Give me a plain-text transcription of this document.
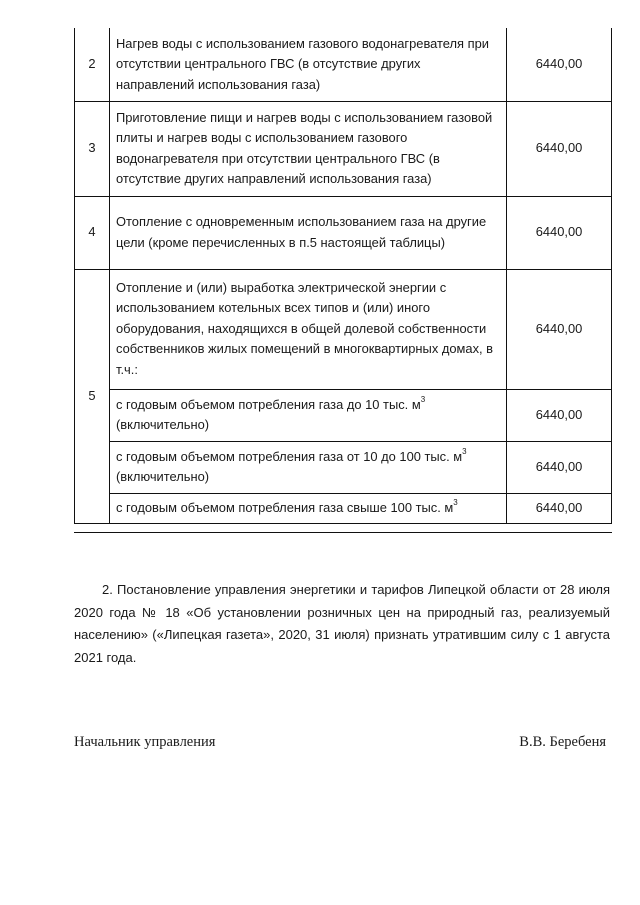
2	Нагрев воды с использованием газового водонагревателя при отсутствии центрального ГВС (в отсутствие других направлений использования газа)	6440,00
3	Приготовление пищи и нагрев воды с использованием газовой плиты и нагрев воды с использованием газового водонагревателя при отсутствии центрального ГВС (в отсутствие других направлений использования газа)	6440,00
4	Отопление с одновременным использованием газа на другие цели (кроме перечисленных в п.5 настоящей таблицы)	6440,00
5	Отопление и (или) выработка электрической энергии с использованием котельных всех типов и (или) иного оборудования, находящихся в общей долевой собственности собственников жилых помещений в многоквартирных домах, в т.ч.:	6440,00
	с годовым объемом потребления газа до 10 тыс. $м^3$ (включительно)	6440,00
	с годовым объемом потребления газа от 10 до 100 тыс. $м^3$ (включительно)	6440,00
	с годовым объемом потребления газа свыше 100 тыс. $м^3$	6440,00

2. Постановление управления энергетики и тарифов Липецкой области от 28 июля 2020 года № 18 «Об установлении розничных цен на природный газ, реализуемый населению» («Липецкая газета», 2020, 31 июля) признать утратившим силу с 1 августа 2021 года.

Начальник управления	В.В. Беребеня
